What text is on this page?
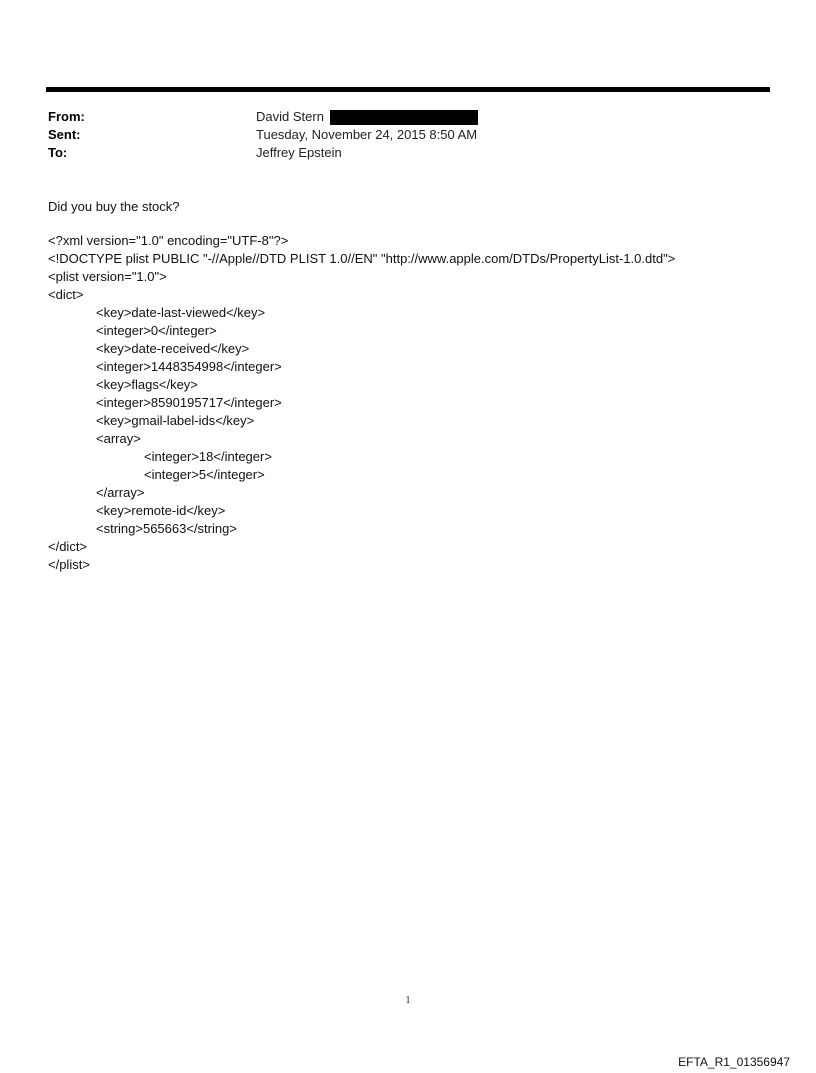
From:	David Stern
Sent:	Tuesday, November 24, 2015 8:50 AM
To:	Jeffrey Epstein
Did you buy the stock?
<?xml version="1.0" encoding="UTF-8"?>
<!DOCTYPE plist PUBLIC "-//Apple//DTD PLIST 1.0//EN" "http://www.apple.com/DTDs/PropertyList-1.0.dtd">
<plist version="1.0">
<dict>
<key>date-last-viewed</key>
<integer>0</integer>
<key>date-received</key>
<integer>1448354998</integer>
<key>flags</key>
<integer>8590195717</integer>
<key>gmail-label-ids</key>
<array>
<integer>18</integer>
<integer>5</integer>
</array>
<key>remote-id</key>
<string>565663</string>
</dict>
</plist>
1
EFTA_R1_01356947
